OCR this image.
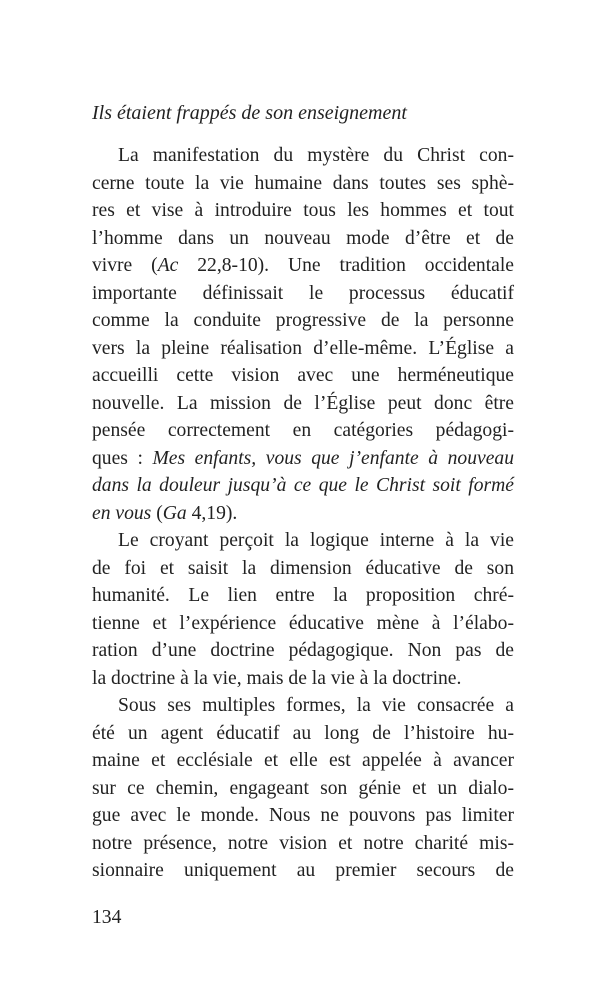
Ils étaient frappés de son enseignement
La manifestation du mystère du Christ con-
cerne toute la vie humaine dans toutes ses sphè-
res et vise à introduire tous les hommes et tout
l’homme dans un nouveau mode d’être et de
vivre (Ac 22,8-10). Une tradition occidentale
importante définissait le processus éducatif
comme la conduite progressive de la personne
vers la pleine réalisation d’elle-même. L’Église a
accueilli cette vision avec une herméneutique
nouvelle. La mission de l’Église peut donc être
pensée correctement en catégories pédagogi-
ques : Mes enfants, vous que j’enfante à nouveau
dans la douleur jusqu’à ce que le Christ soit formé
en vous (Ga 4,19).
Le croyant perçoit la logique interne à la vie
de foi et saisit la dimension éducative de son
humanité. Le lien entre la proposition chré-
tienne et l’expérience éducative mène à l’élabo-
ration d’une doctrine pédagogique. Non pas de
la doctrine à la vie, mais de la vie à la doctrine.
Sous ses multiples formes, la vie consacrée a
été un agent éducatif au long de l’histoire hu-
maine et ecclésiale et elle est appelée à avancer
sur ce chemin, engageant son génie et un dialo-
gue avec le monde. Nous ne pouvons pas limiter
notre présence, notre vision et notre charité mis-
sionnaire uniquement au premier secours de
134
